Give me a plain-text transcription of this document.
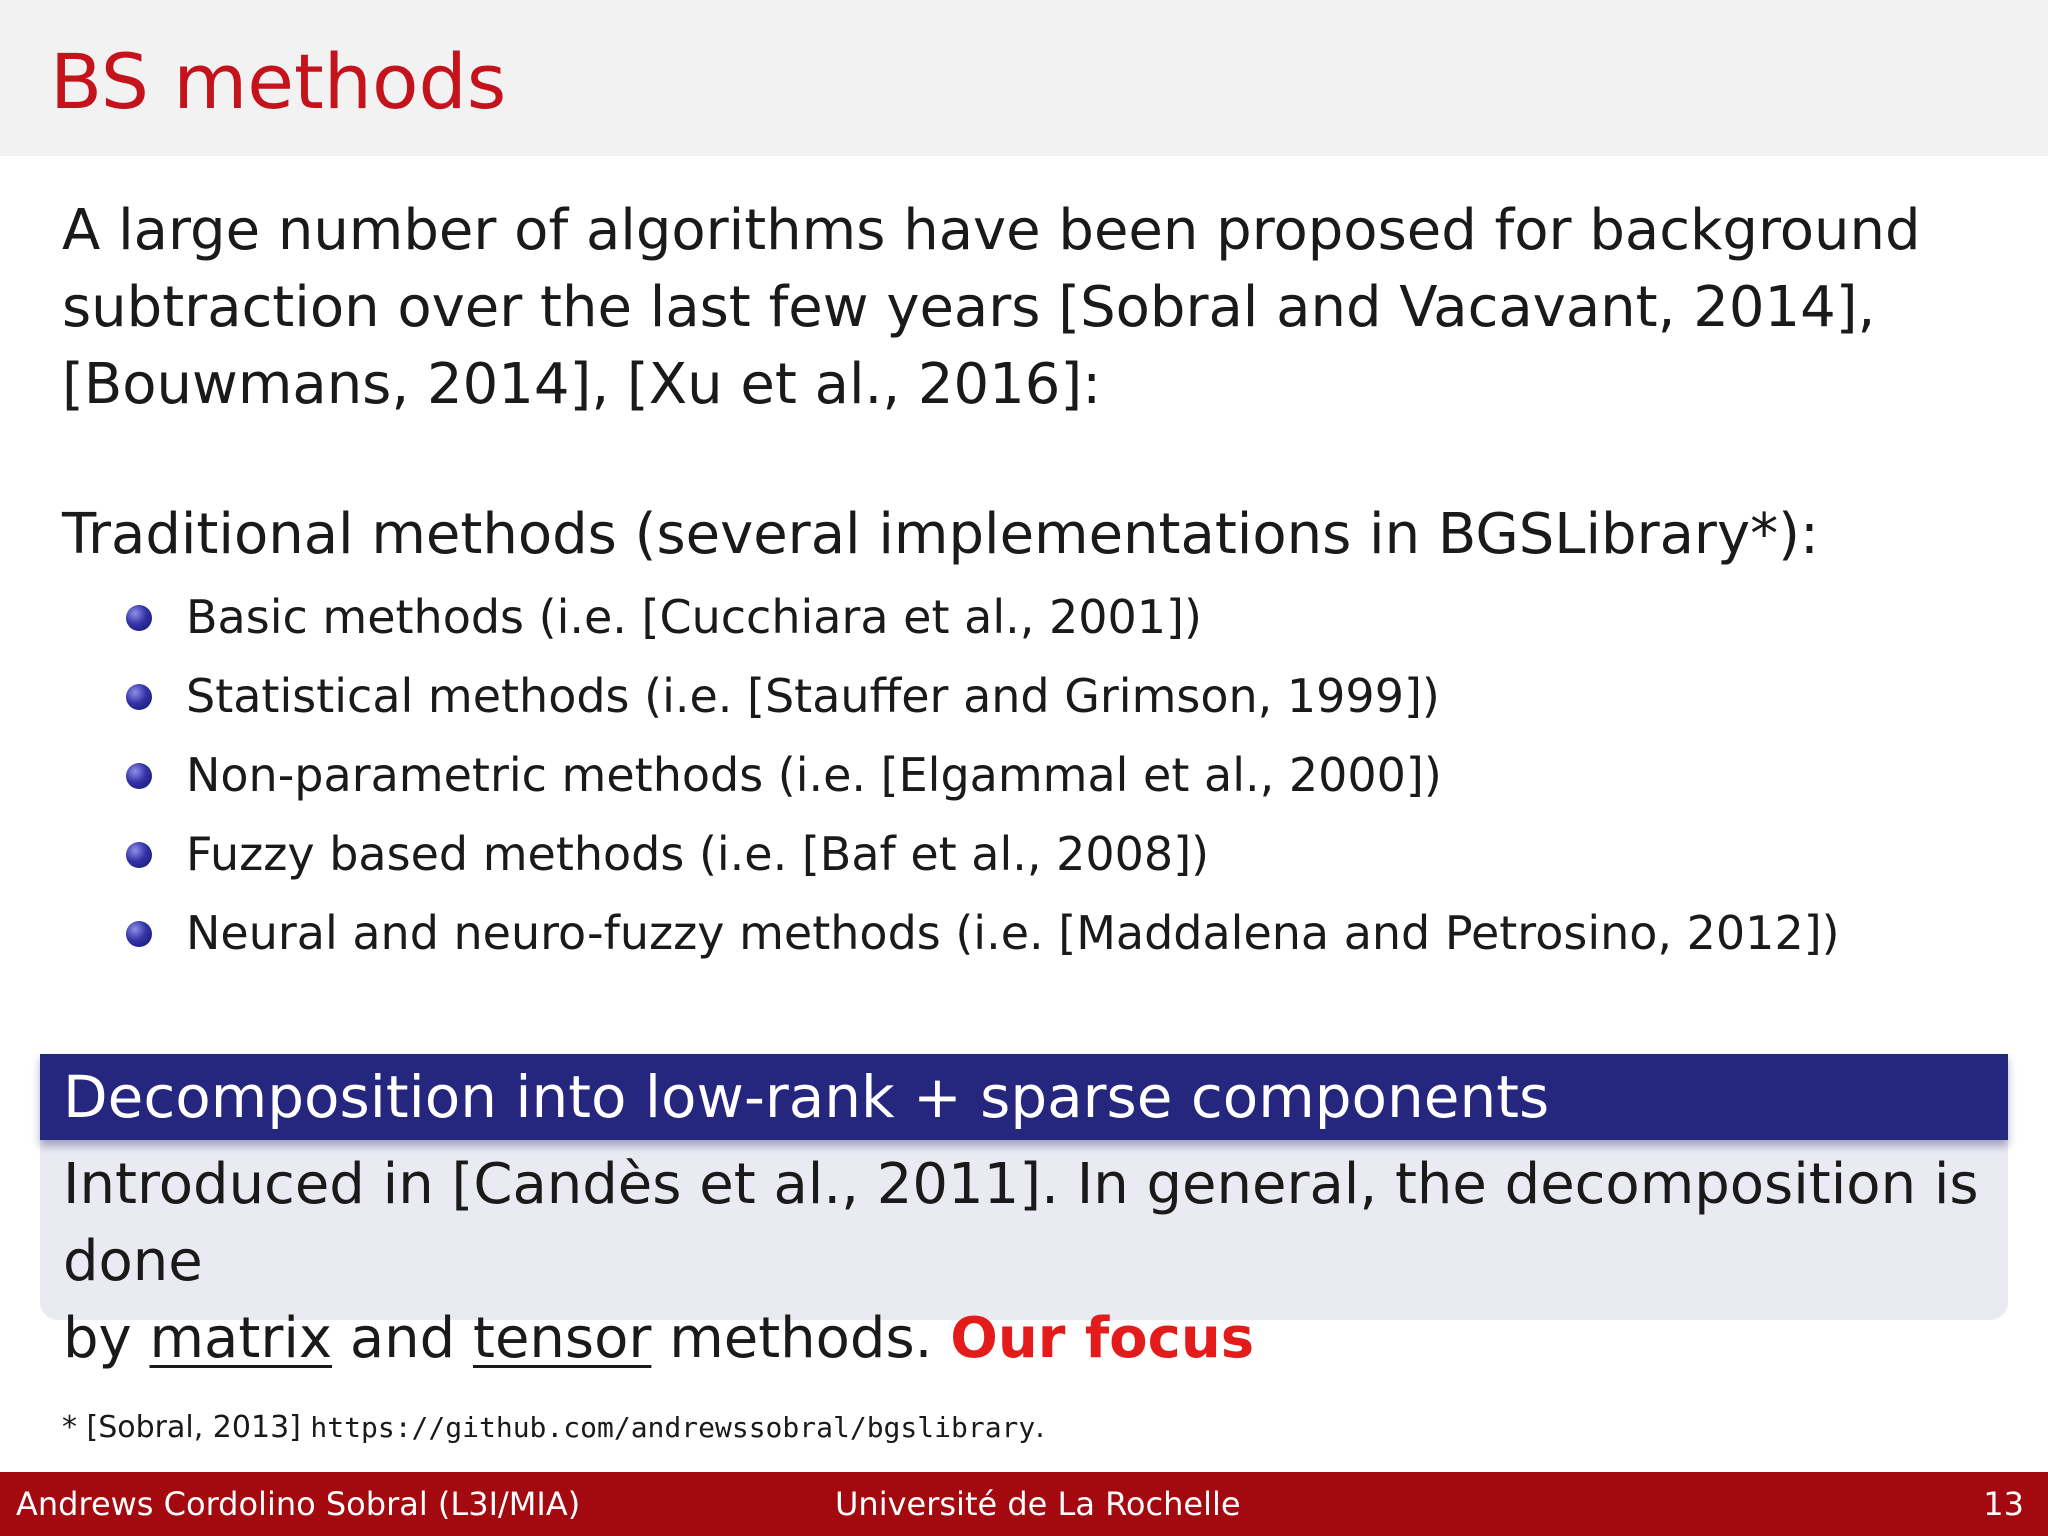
BS methods

A large number of algorithms have been proposed for background
subtraction over the last few years [Sobral and Vacavant, 2014],
[Bouwmans, 2014], [Xu et al., 2016]:

Traditional methods (several implementations in BGSLibrary*):

Basic methods (i.e. [Cucchiara et al., 2001])
Statistical methods (i.e. [Stauffer and Grimson, 1999])
Non-parametric methods (i.e. [Elgammal et al., 2000])
Fuzzy based methods (i.e. [Baf et al., 2008])
Neural and neuro-fuzzy methods (i.e. [Maddalena and Petrosino, 2012])
Decomposition into low-rank + sparse components
Introduced in [Candès et al., 2011]. In general, the decomposition is done
by matrix and tensor methods. Our focus
* [Sobral, 2013] https://github.com/andrewssobral/bgslibrary.
Andrews Cordolino Sobral (L3I/MIA)	Université de La Rochelle	13
